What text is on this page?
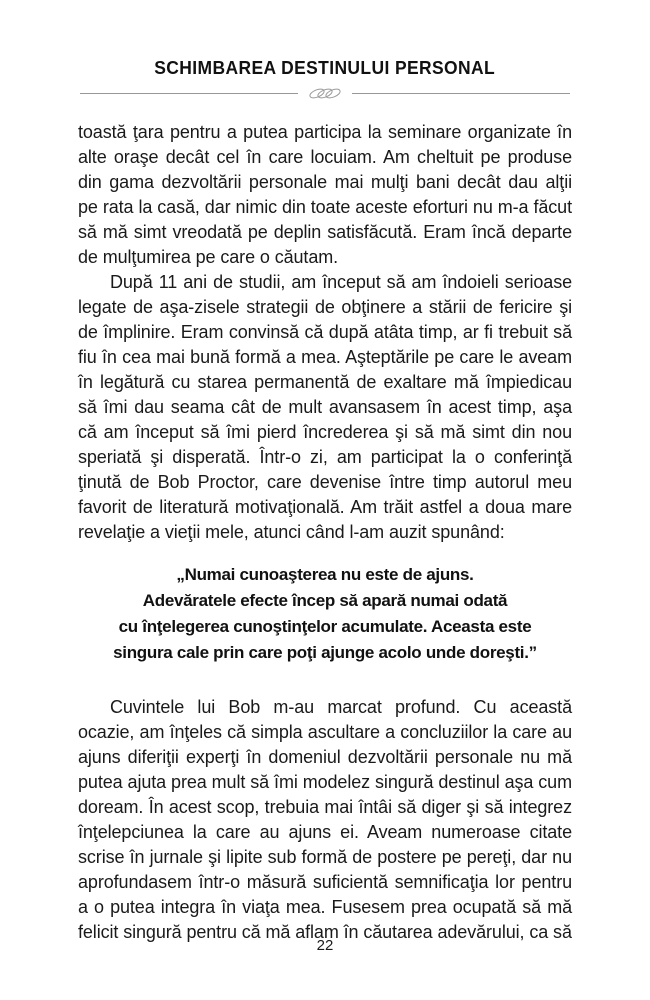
SCHIMBAREA DESTINULUI PERSONAL

toastă ţara pentru a putea participa la seminare organizate în alte oraşe decât cel în care locuiam. Am cheltuit pe produse din gama dezvoltării personale mai mulţi bani decât dau alţii pe rata la casă, dar nimic din toate aceste eforturi nu m-a făcut să mă simt vreodată pe deplin satisfăcută. Eram încă departe de mulţumirea pe care o căutam.

După 11 ani de studii, am început să am îndoieli serioase legate de aşa-zisele strategii de obţinere a stării de fericire şi de împlinire. Eram convinsă că după atâta timp, ar fi trebuit să fiu în cea mai bună formă a mea. Aşteptările pe care le aveam în legătură cu starea permanentă de exaltare mă împiedicau să îmi dau seama cât de mult avansasem în acest timp, aşa că am început să îmi pierd încrederea şi să mă simt din nou speriată şi disperată. Într-o zi, am participat la o conferinţă ţinută de Bob Proctor, care devenise între timp autorul meu favorit de literatură motivaţională. Am trăit astfel a doua mare revelaţie a vieţii mele, atunci când l-am auzit spunând:

„Numai cunoaşterea nu este de ajuns.
Adevăratele efecte încep să apară numai odată
cu înţelegerea cunoştinţelor acumulate. Aceasta este
singura cale prin care poţi ajunge acolo unde doreşti.”

Cuvintele lui Bob m-au marcat profund. Cu această ocazie, am înţeles că simpla ascultare a concluziilor la care au ajuns diferiţii experţi în domeniul dezvoltării personale nu mă putea ajuta prea mult să îmi modelez singură destinul aşa cum doream. În acest scop, trebuia mai întâi să diger şi să integrez înţelepciunea la care au ajuns ei. Aveam numeroase citate scrise în jurnale şi lipite sub formă de postere pe pereţi, dar nu aprofundasem într-o măsură suficientă semnificaţia lor pentru a o putea integra în viaţa mea. Fusesem prea ocupată să mă felicit singură pentru că mă aflam în căutarea adevărului, ca să

22
